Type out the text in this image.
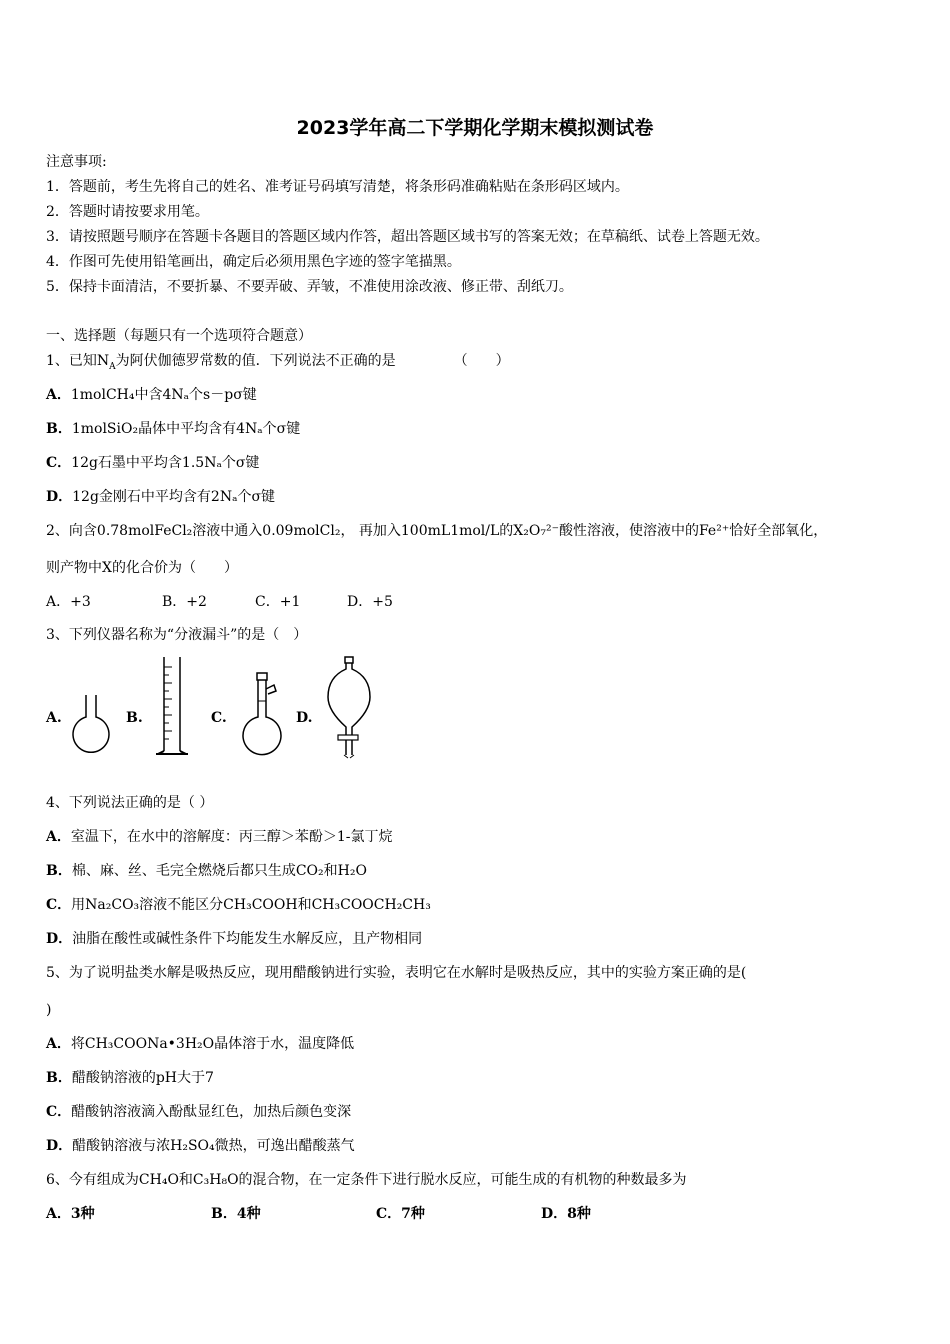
2023学年高二下学期化学期末模拟测试卷
注意事项:
1．答题前，考生先将自己的姓名、准考证号码填写清楚，将条形码准确粘贴在条形码区域内。
2．答题时请按要求用笔。
3．请按照题号顺序在答题卡各题目的答题区域内作答，超出答题区域书写的答案无效；在草稿纸、试卷上答题无效。
4．作图可先使用铅笔画出，确定后必须用黑色字迹的签字笔描黑。
5．保持卡面清洁，不要折暴、不要弄破、弄皱，不准使用涂改液、修正带、刮纸刀。
一、选择题（每题只有一个选项符合题意）
1、已知$N_A$为阿伏伽德罗常数的值．下列说法不正确的是	（　　）
A．1molCH₄中含4Nₐ个s－pσ键
B．1molSiO₂晶体中平均含有4Nₐ个σ键
C．12g石墨中平均含1.5Nₐ个σ键
D．12g金刚石中平均含有2Nₐ个σ键
2、向含0.78molFeCl₂溶液中通入0.09molCl₂， 再加入100mL1mol/L的X₂O₇²⁻酸性溶液，使溶液中的Fe²⁺恰好全部氧化，
则产物中X的化合价为（　　）
A．+3	B．+2	C．+1	D．+5
3、下列仪器名称为“分液漏斗”的是（　）
A.	B.	C.	D.
4、下列说法正确的是（ ）
A．室温下，在水中的溶解度：丙三醇＞苯酚＞1-氯丁烷
B．棉、麻、丝、毛完全燃烧后都只生成CO₂和H₂O
C．用Na₂CO₃溶液不能区分CH₃COOH和CH₃COOCH₂CH₃
D．油脂在酸性或碱性条件下均能发生水解反应，且产物相同
5、为了说明盐类水解是吸热反应，现用醋酸钠进行实验，表明它在水解时是吸热反应，其中的实验方案正确的是(
)
A．将CH₃COONa•3H₂O晶体溶于水，温度降低
B．醋酸钠溶液的pH大于7
C．醋酸钠溶液滴入酚酞显红色，加热后颜色变深
D．醋酸钠溶液与浓H₂SO₄微热，可逸出醋酸蒸气
6、今有组成为CH₄O和C₃H₈O的混合物，在一定条件下进行脱水反应，可能生成的有机物的种数最多为
A．3种	B．4种	C．7种	D．8种
